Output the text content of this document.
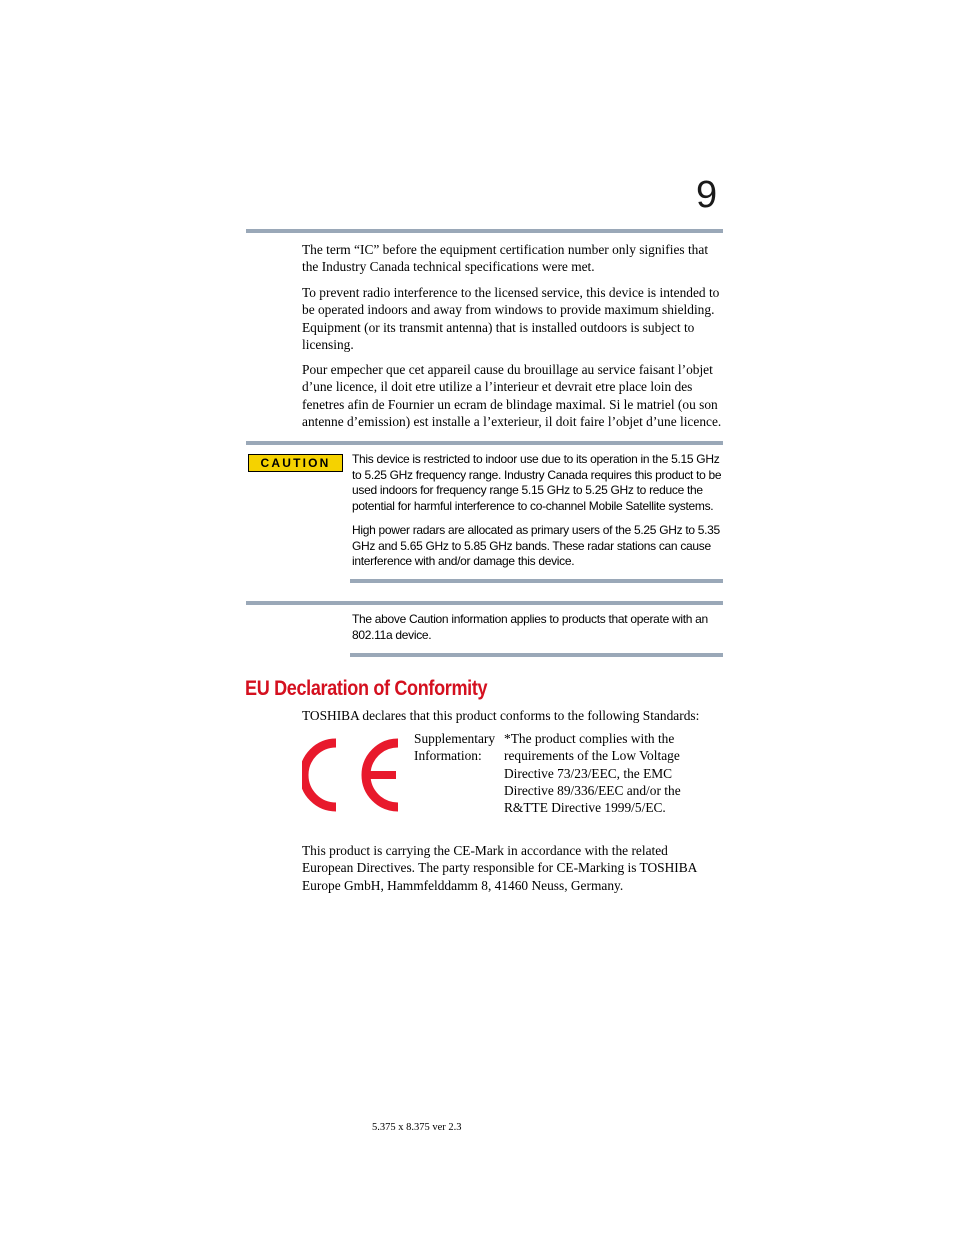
9

The term “IC” before the equipment certification number only signifies that the Industry Canada technical specifications were met.

To prevent radio interference to the licensed service, this device is intended to be operated indoors and away from windows to provide maximum shielding. Equipment (or its transmit antenna) that is installed outdoors is subject to licensing.

Pour empecher que cet appareil cause du brouillage au service faisant l’objet d’une licence, il doit etre utilize a l’interieur et devrait etre place loin des fenetres afin de Fournier un ecram de blindage maximal. Si le matriel (ou son antenne d’emission) est installe a l’exterieur, il doit faire l’objet d’une licence.

CAUTION	This device is restricted to indoor use due to its operation in the 5.15 GHz to 5.25 GHz frequency range. Industry Canada requires this product to be used indoors for frequency range 5.15 GHz to 5.25 GHz to reduce the potential for harmful interference to co-channel Mobile Satellite systems.

High power radars are allocated as primary users of the 5.25 GHz to 5.35 GHz and 5.65 GHz to 5.85 GHz bands. These radar stations can cause interference with and/or damage this device.

The above Caution information applies to products that operate with an 802.11a device.

EU Declaration of Conformity

TOSHIBA declares that this product conforms to the following Standards:

Supplementary Information:

*The product complies with the requirements of the Low Voltage Directive 73/23/EEC, the EMC Directive 89/336/EEC and/or the R&TTE Directive 1999/5/EC.

This product is carrying the CE-Mark in accordance with the related European Directives. The party responsible for CE-Marking is TOSHIBA Europe GmbH, Hammfelddamm 8, 41460 Neuss, Germany.

5.375 x 8.375 ver 2.3
